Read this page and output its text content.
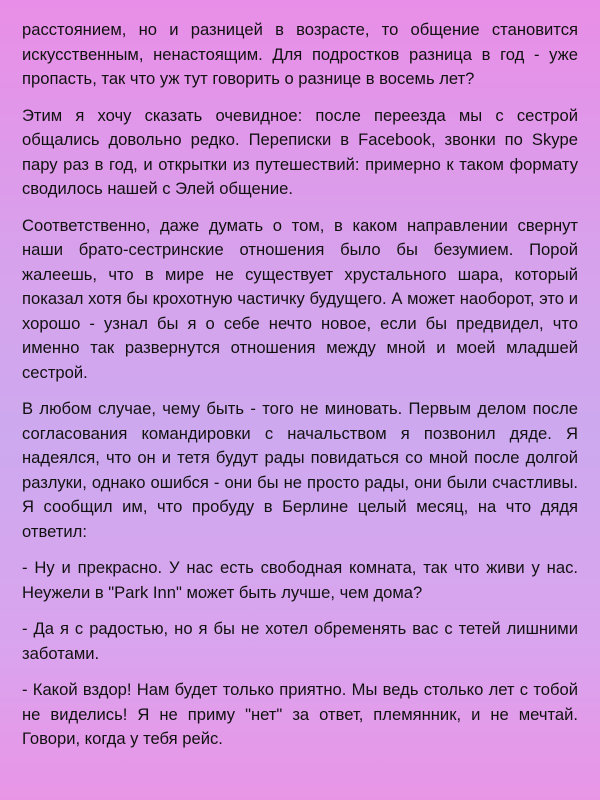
расстоянием, но и разницей в возрасте, то общение становится искусственным, ненастоящим. Для подростков разница в год - уже пропасть, так что уж тут говорить о разнице в восемь лет?

Этим я хочу сказать очевидное: после переезда мы с сестрой общались довольно редко. Переписки в Facebook, звонки по Skype пару раз в год, и открытки из путешествий: примерно к таком формату сводилось нашей с Элей общение.

Соответственно, даже думать о том, в каком направлении свернут наши брато-сестринские отношения было бы безумием. Порой жалеешь, что в мире не существует хрустального шара, который показал хотя бы крохотную частичку будущего. А может наоборот, это и хорошо - узнал бы я о себе нечто новое, если бы предвидел, что именно так развернутся отношения между мной и моей младшей сестрой.

В любом случае, чему быть - того не миновать. Первым делом после согласования командировки с начальством я позвонил дяде. Я надеялся, что он и тетя будут рады повидаться со мной после долгой разлуки, однако ошибся - они бы не просто рады, они были счастливы. Я сообщил им, что пробуду в Берлине целый месяц, на что дядя ответил:

- Ну и прекрасно. У нас есть свободная комната, так что живи у нас. Неужели в "Park Inn" может быть лучше, чем дома?

- Да я с радостью, но я бы не хотел обременять вас с тетей лишними заботами.

- Какой вздор! Нам будет только приятно. Мы ведь столько лет с тобой не виделись! Я не приму "нет" за ответ, племянник, и не мечтай. Говори, когда у тебя рейс.
